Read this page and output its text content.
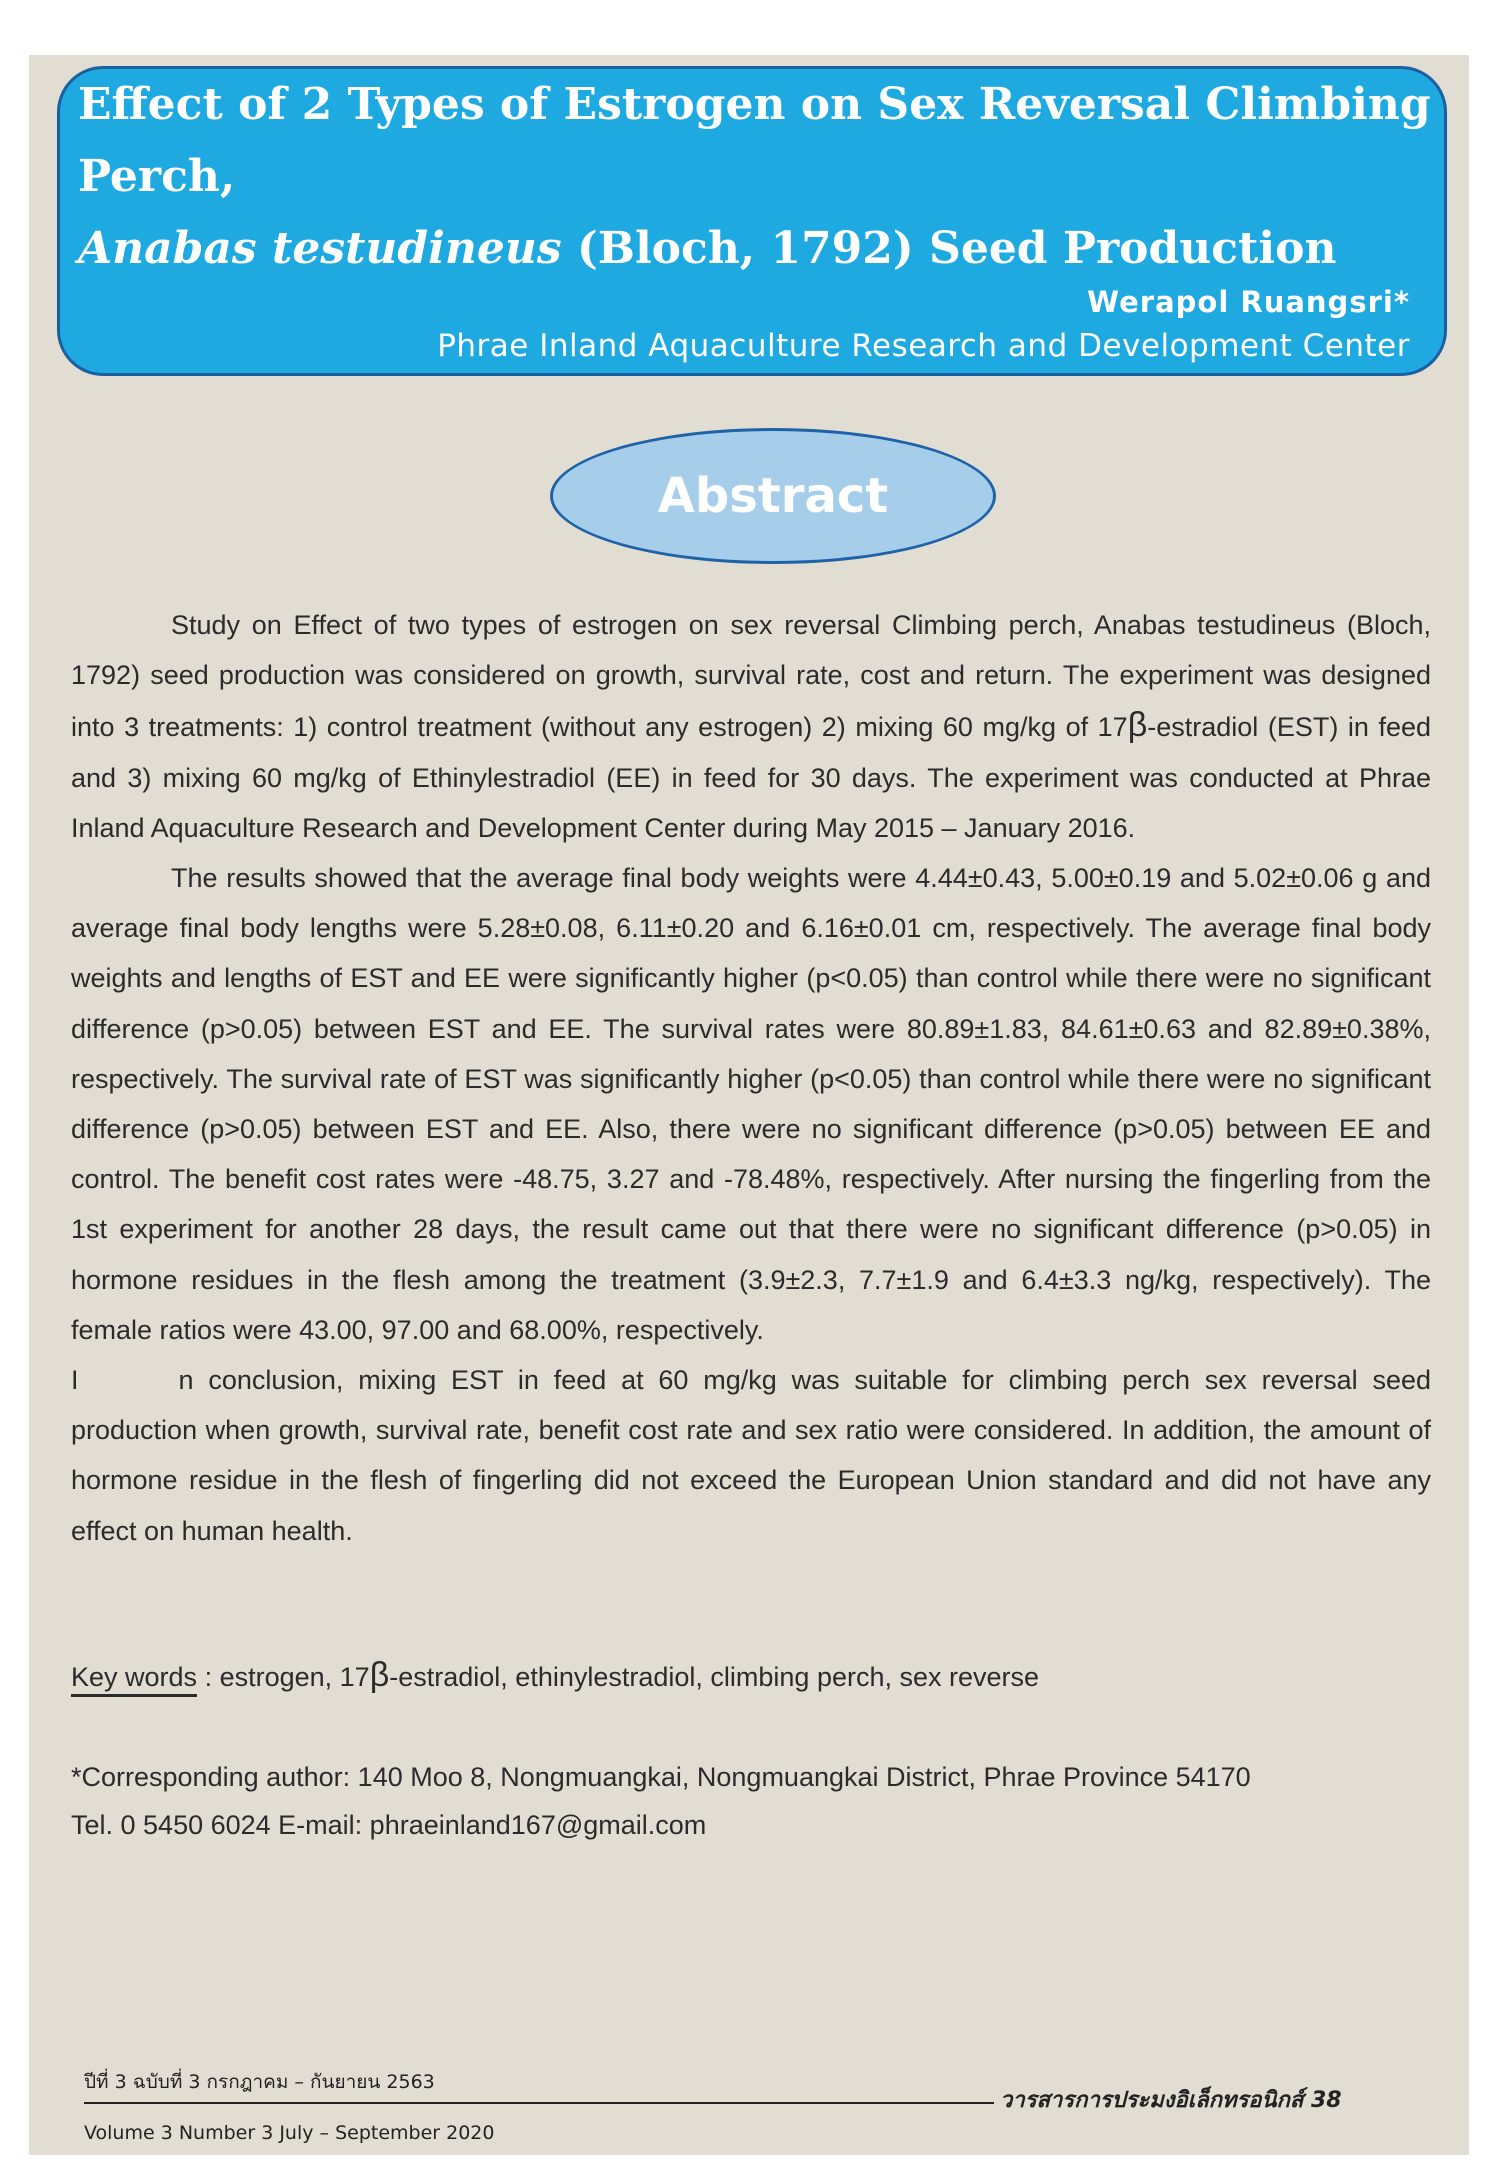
Effect of 2 Types of Estrogen on Sex Reversal Climbing
Perch,
Anabas testudineus (Bloch, 1792) Seed Production

Werapol Ruangsri*

Phrae Inland Aquaculture Research and Development Center

Abstract

Study on Effect of two types of estrogen on sex reversal Climbing perch, Anabas testudineus (Bloch, 1792) seed production was considered on growth, survival rate, cost and return. The experiment was designed into 3 treatments: 1) control treatment (without any estrogen) 2) mixing 60 mg/kg of 17β-estradiol (EST) in feed and 3) mixing 60 mg/kg of Ethinylestradiol (EE) in feed for 30 days. The experiment was conducted at Phrae Inland Aquaculture Research and Development Center during May 2015 – January 2016.

The results showed that the average final body weights were 4.44±0.43, 5.00±0.19 and 5.02±0.06 g and average final body lengths were 5.28±0.08, 6.11±0.20 and 6.16±0.01 cm, respectively. The average final body weights and lengths of EST and EE were significantly higher (p<0.05) than control while there were no significant difference (p>0.05) between EST and EE. The survival rates were 80.89±1.83, 84.61±0.63 and 82.89±0.38%, respectively. The survival rate of EST was significantly higher (p<0.05) than control while there were no significant difference (p>0.05) between EST and EE. Also, there were no significant difference (p>0.05) between EE and control. The benefit cost rates were -48.75, 3.27 and -78.48%, respectively. After nursing the fingerling from the 1st experiment for another 28 days, the result came out that there were no significant difference (p>0.05) in hormone residues in the flesh among the treatment (3.9±2.3, 7.7±1.9 and 6.4±3.3 ng/kg, respectively). The female ratios were 43.00, 97.00 and 68.00%, respectively.

I	n conclusion, mixing EST in feed at 60 mg/kg was suitable for climbing perch sex reversal seed production when growth, survival rate, benefit cost rate and sex ratio were considered. In addition, the amount of hormone residue in the flesh of fingerling did not exceed the European Union standard and did not have any effect on human health.

Key words : estrogen, 17β-estradiol, ethinylestradiol, climbing perch, sex reverse

*Corresponding author: 140 Moo 8, Nongmuangkai, Nongmuangkai District, Phrae Province 54170

Tel. 0 5450 6024 E-mail: phraeinland167@gmail.com

ปีที่ 3 ฉบับที่ 3 กรกฎาคม – กันยายน 2563

วารสารการประมงอิเล็กทรอนิกส์ 38

Volume 3 Number 3 July – September 2020
